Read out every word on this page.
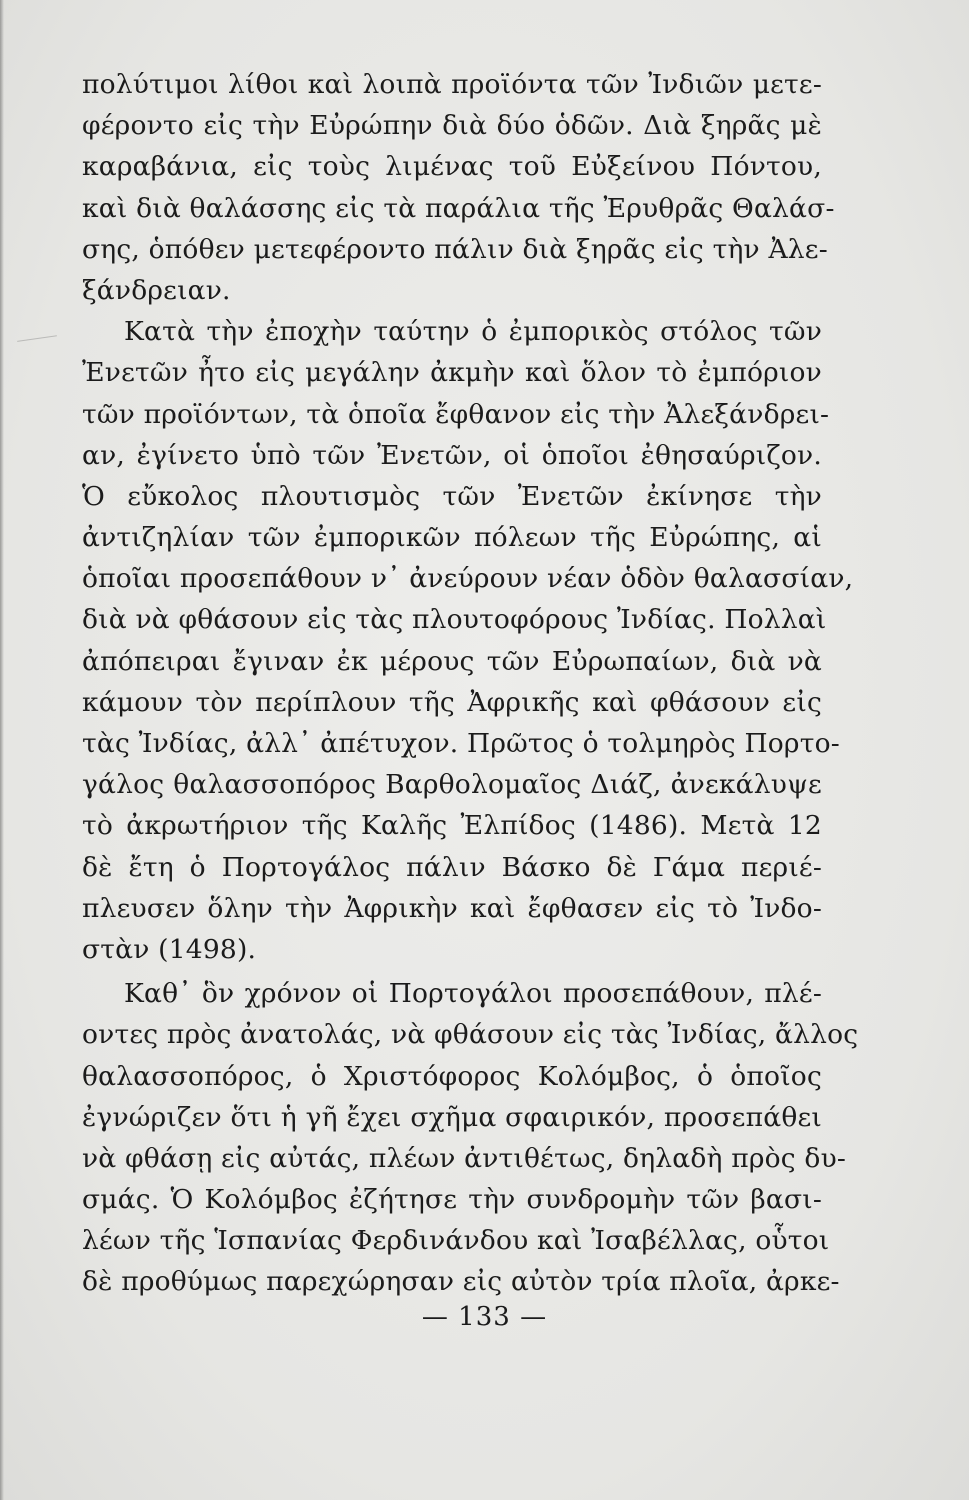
πολύτιμοι λίθοι καὶ λοιπὰ προϊόντα τῶν Ἰνδιῶν μετε-
φέροντο εἰς τὴν Εὐρώπην διὰ δύο ὁδῶν. Διὰ ξηρᾶς μὲ
καραβάνια, εἰς τοὺς λιμένας τοῦ Εὐξείνου Πόντου,
καὶ διὰ θαλάσσης εἰς τὰ παράλια τῆς Ἐρυθρᾶς Θαλάσ-
σης, ὁπόθεν μετεφέροντο πάλιν διὰ ξηρᾶς εἰς τὴν Ἀλε-
ξάνδρειαν.
Κατὰ τὴν ἐποχὴν ταύτην ὁ ἐμπορικὸς στόλος τῶν
Ἐνετῶν ἦτο εἰς μεγάλην ἀκμὴν καὶ ὅλον τὸ ἐμπόριον
τῶν προϊόντων, τὰ ὁποῖα ἔφθανον εἰς τὴν Ἀλεξάνδρει-
αν, ἐγίνετο ὑπὸ τῶν Ἐνετῶν, οἱ ὁποῖοι ἐθησαύριζον.
Ὁ εὔκολος πλουτισμὸς τῶν Ἐνετῶν ἐκίνησε τὴν
ἀντιζηλίαν τῶν ἐμπορικῶν πόλεων τῆς Εὐρώπης, αἱ
ὁποῖαι προσεπάθουν ν᾿ ἀνεύρουν νέαν ὁδὸν θαλασσίαν,
διὰ νὰ φθάσουν εἰς τὰς πλουτοφόρους Ἰνδίας. Πολλαὶ
ἀπόπειραι ἔγιναν ἐκ μέρους τῶν Εὐρωπαίων, διὰ νὰ
κάμουν τὸν περίπλουν τῆς Ἀφρικῆς καὶ φθάσουν εἰς
τὰς Ἰνδίας, ἀλλ᾿ ἀπέτυχον. Πρῶτος ὁ τολμηρὸς Πορτο-
γάλος θαλασσοπόρος Βαρθολομαῖος Διάζ, ἀνεκάλυψε
τὸ ἀκρωτήριον τῆς Καλῆς Ἐλπίδος (1486). Μετὰ 12
δὲ ἔτη ὁ Πορτογάλος πάλιν Βάσκο δὲ Γάμα περιέ-
πλευσεν ὅλην τὴν Ἀφρικὴν καὶ ἔφθασεν εἰς τὸ Ἰνδο-
στὰν (1498).
Καθ᾿ ὃν χρόνον οἱ Πορτογάλοι προσεπάθουν, πλέ-
οντες πρὸς ἀνατολάς, νὰ φθάσουν εἰς τὰς Ἰνδίας, ἄλλος
θαλασσοπόρος, ὁ Χριστόφορος Κολόμβος, ὁ ὁποῖος
ἐγνώριζεν ὅτι ἡ γῆ ἔχει σχῆμα σφαιρικόν, προσεπάθει
νὰ φθάσῃ εἰς αὐτάς, πλέων ἀντιθέτως, δηλαδὴ πρὸς δυ-
σμάς. Ὁ Κολόμβος ἐζήτησε τὴν συνδρομὴν τῶν βασι-
λέων τῆς Ἱσπανίας Φερδινάνδου καὶ Ἰσαβέλλας, οὗτοι
δὲ προθύμως παρεχώρησαν εἰς αὐτὸν τρία πλοῖα, ἀρκε-
— 133 —
